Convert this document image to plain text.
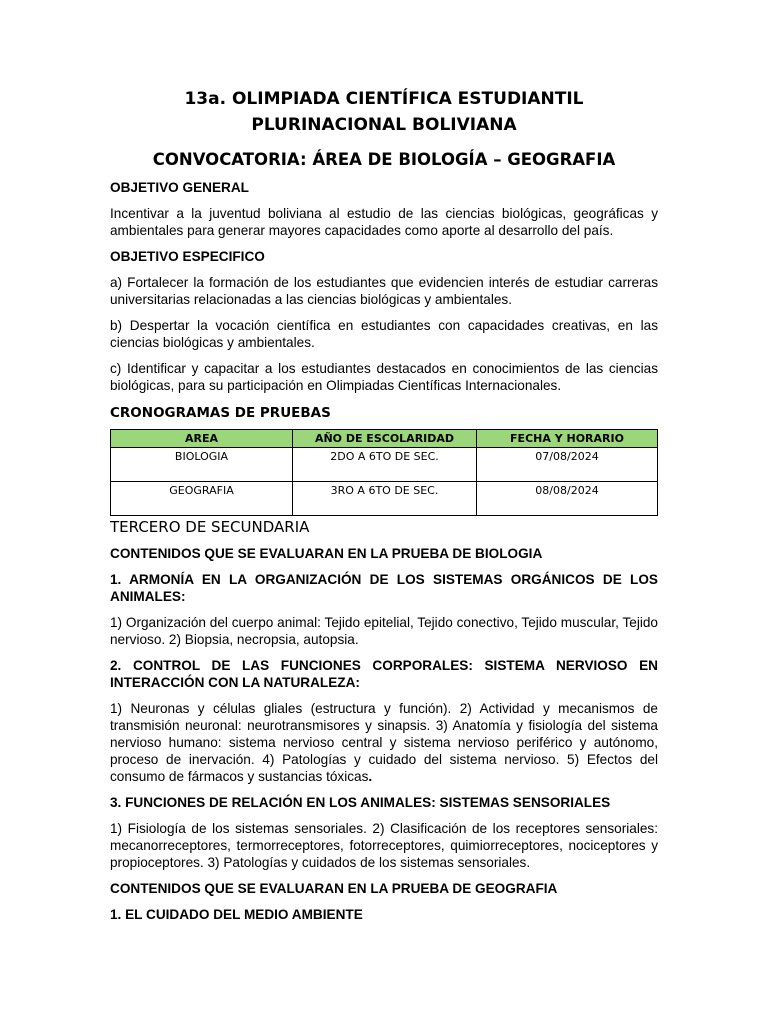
13a. OLIMPIADA CIENTÍFICA ESTUDIANTIL PLURINACIONAL BOLIVIANA
CONVOCATORIA: ÁREA DE BIOLOGÍA – GEOGRAFIA
OBJETIVO GENERAL
Incentivar a la juventud boliviana al estudio de las ciencias biológicas, geográficas y ambientales para generar mayores capacidades como aporte al desarrollo del país.
OBJETIVO ESPECIFICO
a) Fortalecer la formación de los estudiantes que evidencien interés de estudiar carreras universitarias relacionadas a las ciencias biológicas y ambientales.
b) Despertar la vocación científica en estudiantes con capacidades creativas, en las ciencias biológicas y ambientales.
c) Identificar y capacitar a los estudiantes destacados en conocimientos de las ciencias biológicas, para su participación en Olimpiadas Científicas Internacionales.
CRONOGRAMAS DE PRUEBAS
AREA	AÑO DE ESCOLARIDAD	FECHA Y HORARIO
BIOLOGIA	2DO A 6TO DE SEC.	07/08/2024
GEOGRAFIA	3RO A 6TO DE SEC.	08/08/2024
TERCERO DE SECUNDARIA
CONTENIDOS QUE SE EVALUARAN EN LA PRUEBA DE BIOLOGIA
1. ARMONÍA EN LA ORGANIZACIÓN DE LOS SISTEMAS ORGÁNICOS DE LOS ANIMALES:
1) Organización del cuerpo animal: Tejido epitelial, Tejido conectivo, Tejido muscular, Tejido nervioso. 2) Biopsia, necropsia, autopsia.
2. CONTROL DE LAS FUNCIONES CORPORALES: SISTEMA NERVIOSO EN INTERACCIÓN CON LA NATURALEZA:
1) Neuronas y células gliales (estructura y función). 2) Actividad y mecanismos de transmisión neuronal: neurotransmisores y sinapsis. 3) Anatomía y fisiología del sistema nervioso humano: sistema nervioso central y sistema nervioso periférico y autónomo, proceso de inervación. 4) Patologías y cuidado del sistema nervioso. 5) Efectos del consumo de fármacos y sustancias tóxicas.
3. FUNCIONES DE RELACIÓN EN LOS ANIMALES: SISTEMAS SENSORIALES
1) Fisiología de los sistemas sensoriales. 2) Clasificación de los receptores sensoriales: mecanorreceptores, termorreceptores, fotorreceptores, quimiorreceptores, nociceptores y propioceptores. 3) Patologías y cuidados de los sistemas sensoriales.
CONTENIDOS QUE SE EVALUARAN EN LA PRUEBA DE GEOGRAFIA
1. EL CUIDADO DEL MEDIO AMBIENTE
